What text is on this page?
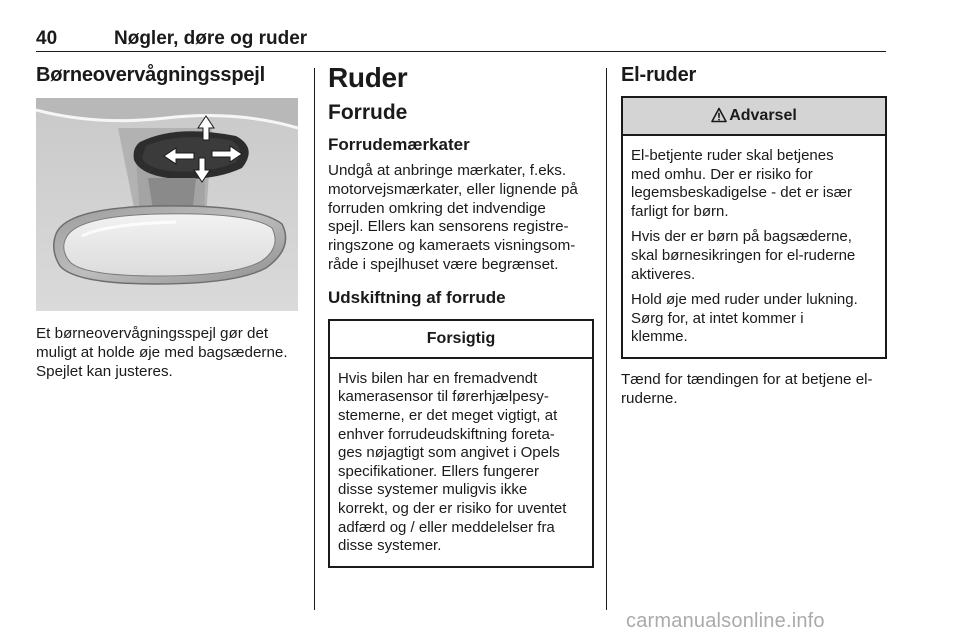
40	Nøgler, døre og ruder
Børneovervågningsspejl
Et børneovervågningsspejl gør det
muligt at holde øje med bagsæderne.
Spejlet kan justeres.
Ruder
Forrude
Forrudemærkater
Undgå at anbringe mærkater, f.eks.
motorvejsmærkater, eller lignende på
forruden omkring det indvendige
spejl. Ellers kan sensorens registre-
ringszone og kameraets visningsom-
råde i spejlhuset være begrænset.
Udskiftning af forrude
Forsigtig
Hvis bilen har en fremadvendt
kamerasensor til førerhjælpesy-
stemerne, er det meget vigtigt, at
enhver forrudeudskiftning foreta-
ges nøjagtigt som angivet i Opels
specifikationer. Ellers fungerer
disse systemer muligvis ikke
korrekt, og der er risiko for uventet
adfærd og / eller meddelelser fra
disse systemer.
El-ruder
Advarsel
El-betjente ruder skal betjenes
med omhu. Der er risiko for
legemsbeskadigelse - det er især
farligt for børn.
Hvis der er børn på bagsæderne,
skal børnesikringen for el-ruderne
aktiveres.
Hold øje med ruder under lukning.
Sørg for, at intet kommer i
klemme.
Tænd for tændingen for at betjene el-
ruderne.
carmanualsonline.info
